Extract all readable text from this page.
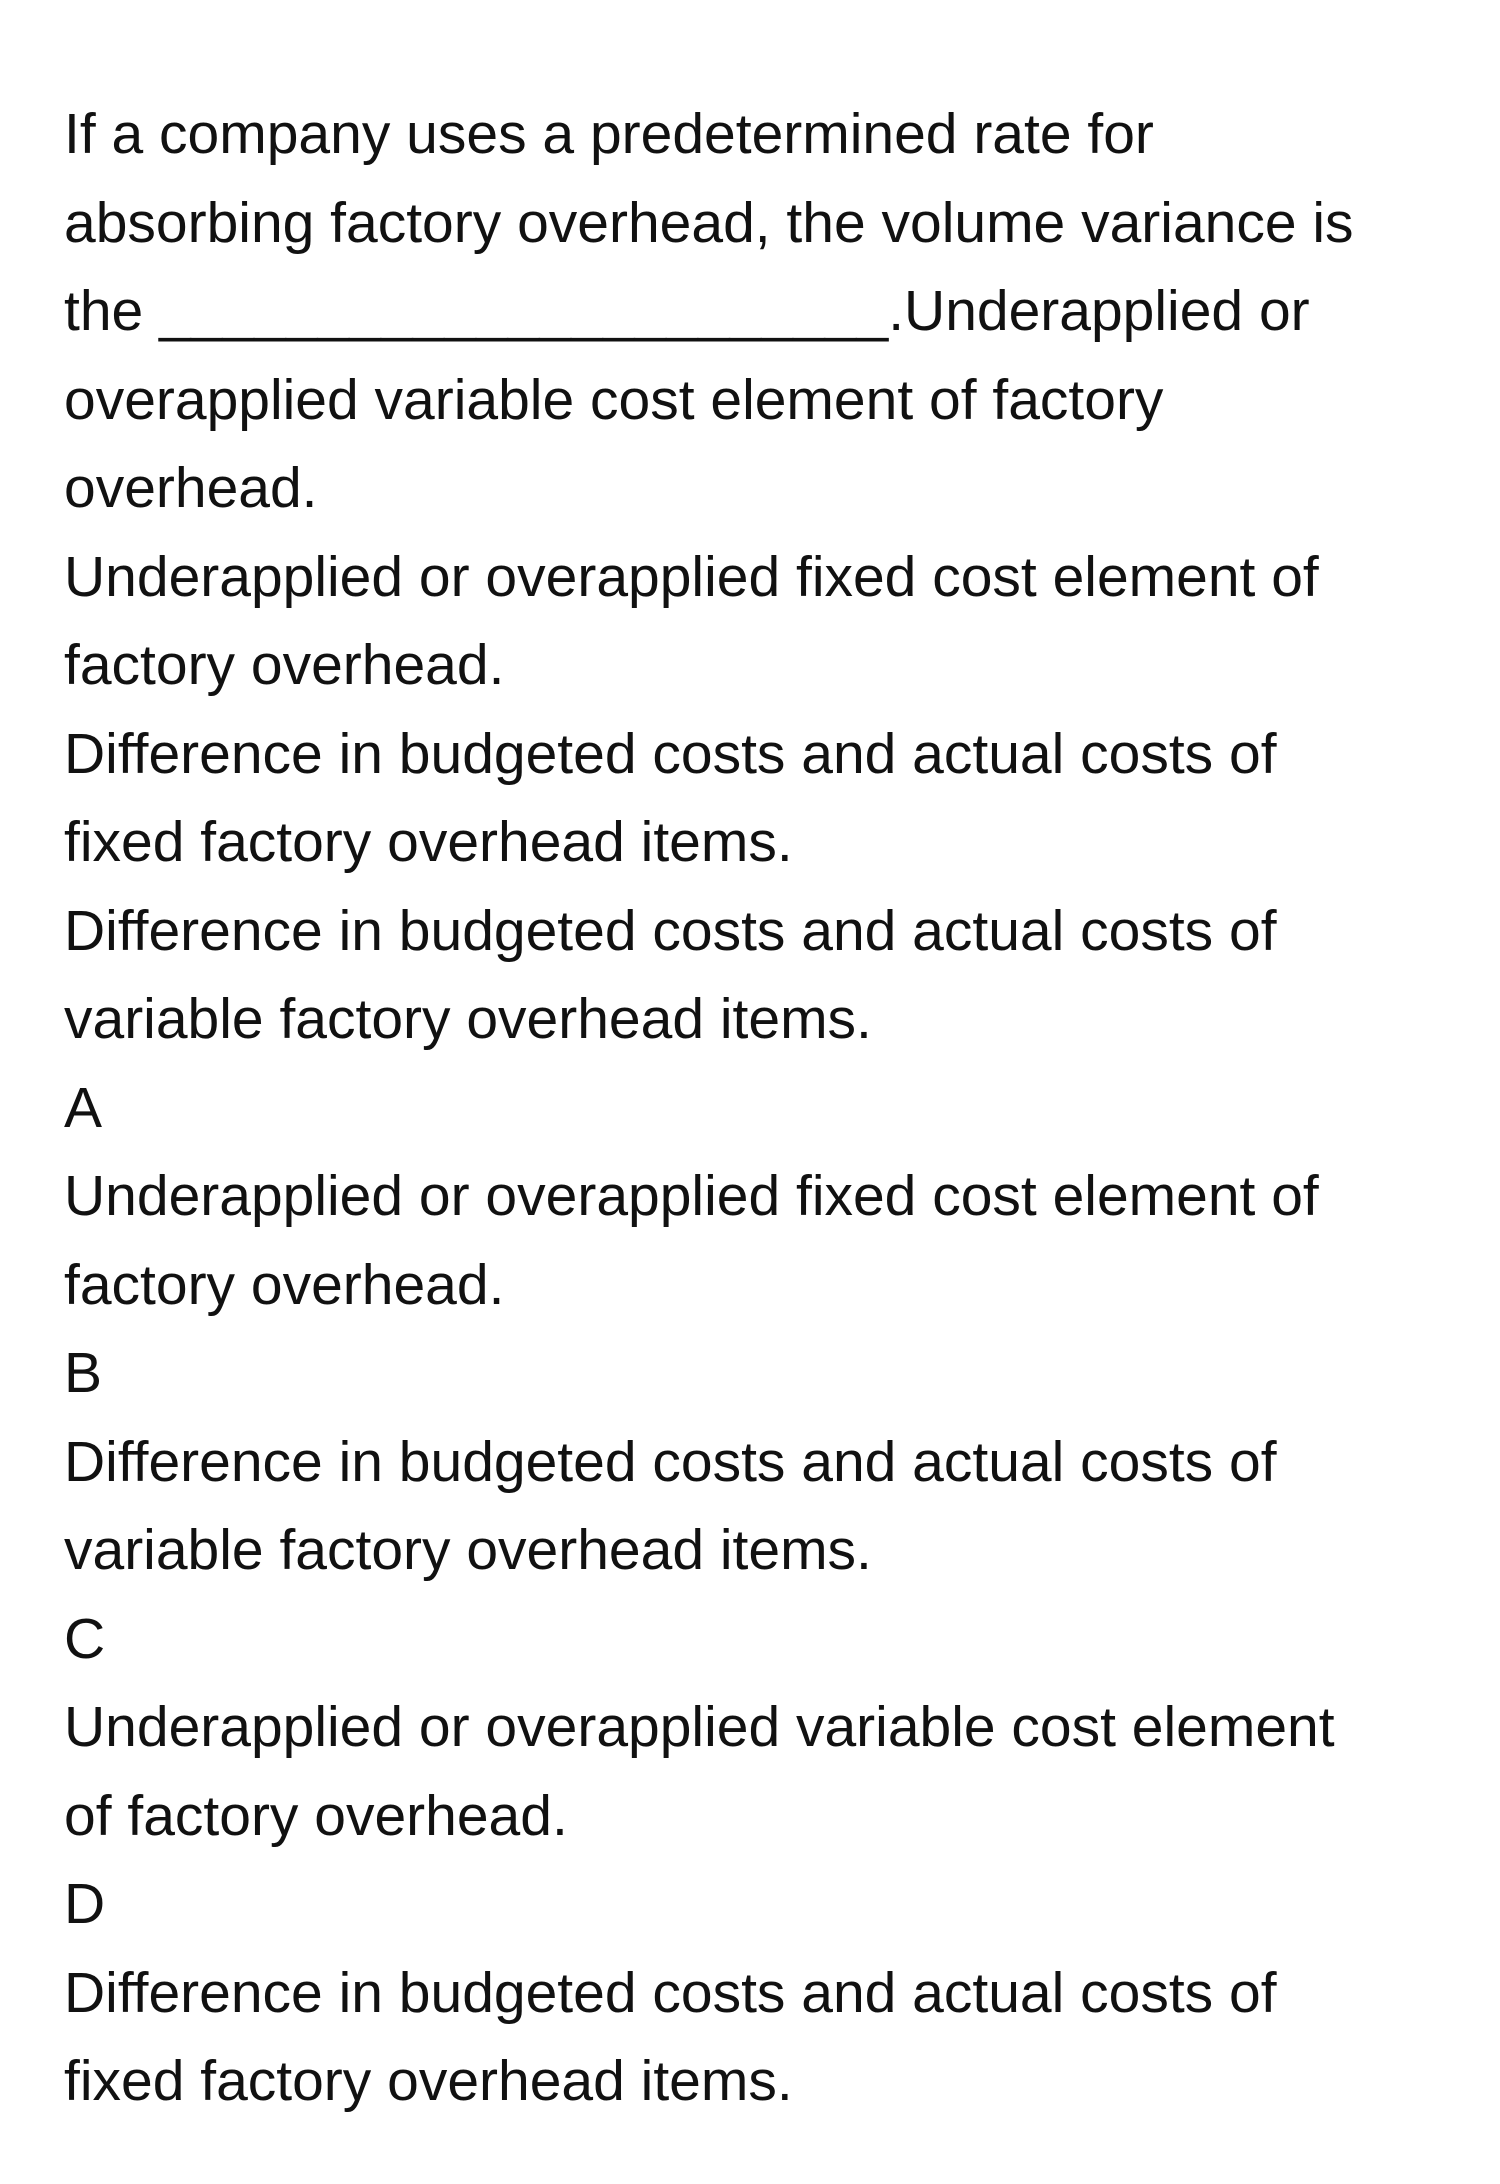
If a company uses a predetermined rate for
absorbing factory overhead, the volume variance is
the _______________________.Underapplied or
overapplied variable cost element of factory
overhead.
Underapplied or overapplied fixed cost element of
factory overhead.
Difference in budgeted costs and actual costs of
fixed factory overhead items.
Difference in budgeted costs and actual costs of
variable factory overhead items.
A
Underapplied or overapplied fixed cost element of
factory overhead.
B
Difference in budgeted costs and actual costs of
variable factory overhead items.
C
Underapplied or overapplied variable cost element
of factory overhead.
D
Difference in budgeted costs and actual costs of
fixed factory overhead items.
